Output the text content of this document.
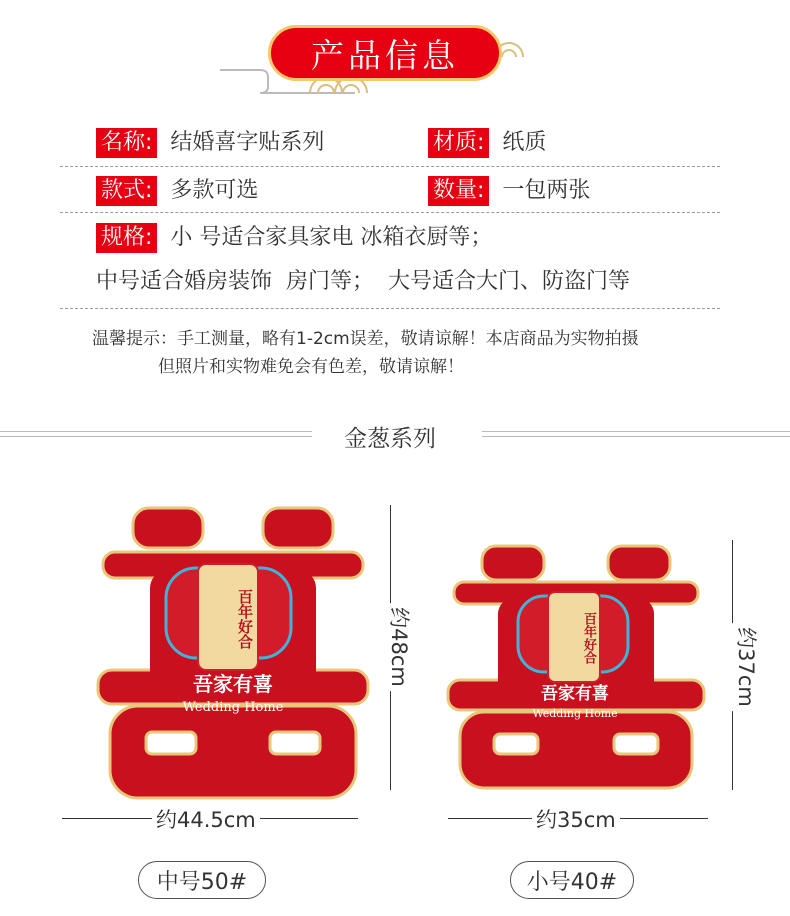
产品信息
名称: 结婚喜字贴系列	材质: 纸质
款式: 多款可选	数量: 一包两张
规格: 小 号适合家具家电 冰箱衣厨等；
中号适合婚房装饰  房门等；  大号适合大门、防盗门等
温馨提示：手工测量，略有1-2cm误差，敬请谅解！本店商品为实物拍摄
但照片和实物难免会有色差，敬请谅解！
金葱系列
百年好合
吾家有喜
Wedding Home
约48cm
约44.5cm
中号50#
百年好合
吾家有喜
Wedding Home
约37cm
约35cm
小号40#
